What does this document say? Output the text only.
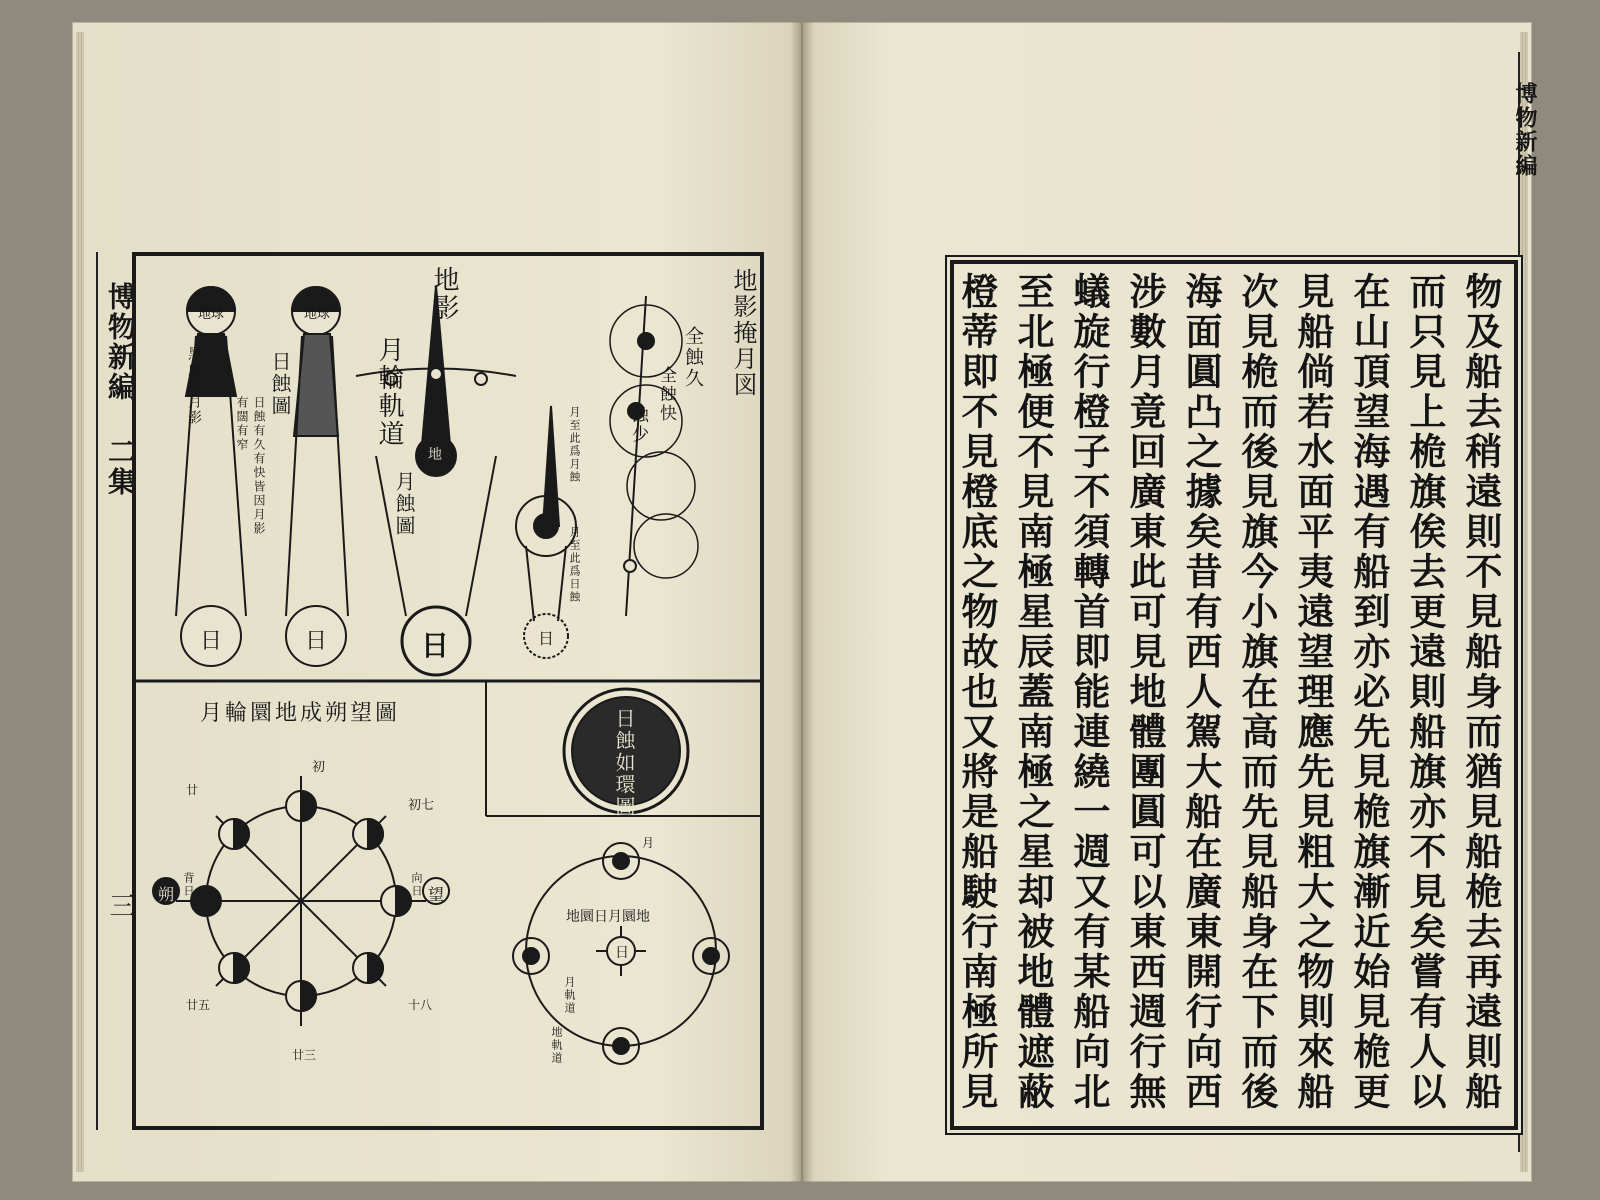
博物新編 二集
三
地影掩月図
全蝕久
全蝕快
蝕少
地影
月輪軌道
地球	地球
黑處是月影	日蝕圖
日蝕有久有快皆因月影有闊有窄
月蝕圖
月至此爲月蝕
月至此爲日蝕
日	日	日	日
地
日蝕如環圖
月輪圜地成朔望圖
朔	望
背日	向日
初
初七
廿
十八
廿五
廿三
地圜日月圜地
月
月軌道
地軌道
日
博物新編
物及船去稍遠則不見船身而猶見船桅去再遠則船
而只見上桅旗俟去更遠則船旗亦不見矣嘗有人以
在山頂望海遇有船到亦必先見桅旗漸近始見桅更
見船倘若水面平夷遠望理應先見粗大之物則來船
次見桅而後見旗今小旗在高而先見船身在下而後
海面圓凸之據矣昔有西人駕大船在廣東開行向西
涉數月竟回廣東此可見地體團圓可以東西週行無
蟻旋行橙子不須轉首即能連繞一週又有某船向北
至北極便不見南極星辰蓋南極之星却被地體遮蔽
橙蒂即不見橙底之物故也又將是船駛行南極所見
